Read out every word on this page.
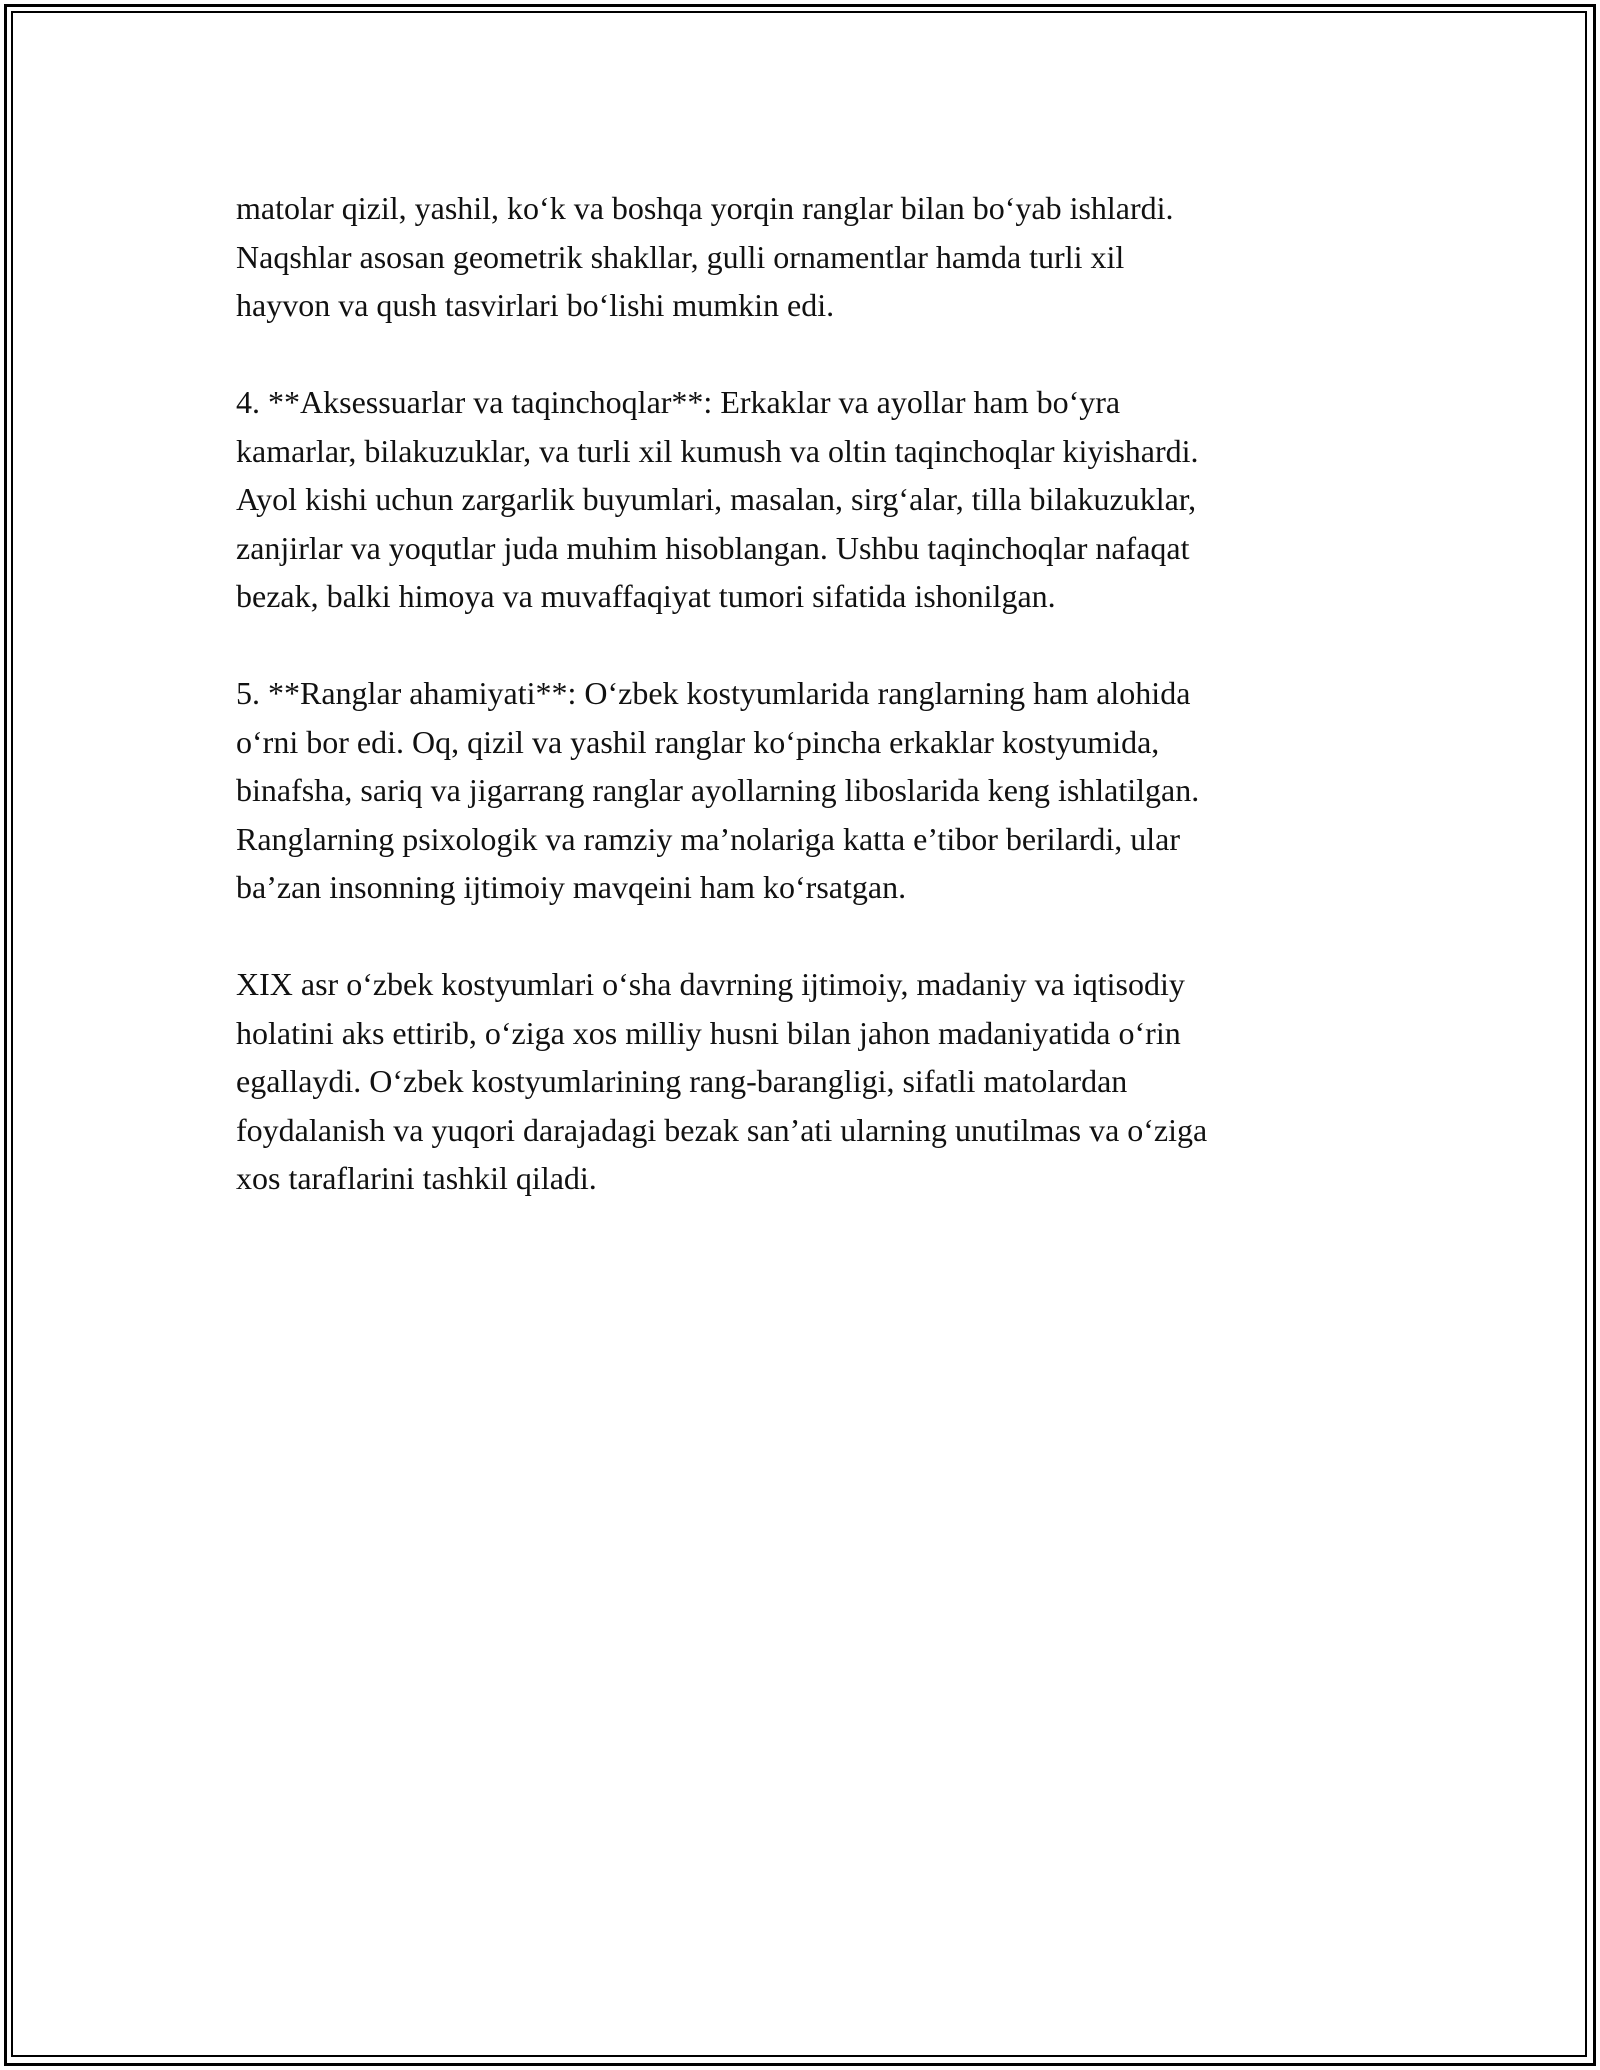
matolar qizil, yashil, ko‘k va boshqa yorqin ranglar bilan bo‘yab ishlardi.
Naqshlar asosan geometrik shakllar, gulli ornamentlar hamda turli xil
hayvon va qush tasvirlari bo‘lishi mumkin edi.

4. **Aksessuarlar va taqinchoqlar**: Erkaklar va ayollar ham bo‘yra
kamarlar, bilakuzuklar, va turli xil kumush va oltin taqinchoqlar kiyishardi.
Ayol kishi uchun zargarlik buyumlari, masalan, sirg‘alar, tilla bilakuzuklar,
zanjirlar va yoqutlar juda muhim hisoblangan. Ushbu taqinchoqlar nafaqat
bezak, balki himoya va muvaffaqiyat tumori sifatida ishonilgan.

5. **Ranglar ahamiyati**: O‘zbek kostyumlarida ranglarning ham alohida
o‘rni bor edi. Oq, qizil va yashil ranglar ko‘pincha erkaklar kostyumida,
binafsha, sariq va jigarrang ranglar ayollarning liboslarida keng ishlatilgan.
Ranglarning psixologik va ramziy ma’nolariga katta e’tibor berilardi, ular
ba’zan insonning ijtimoiy mavqeini ham ko‘rsatgan.

XIX asr o‘zbek kostyumlari o‘sha davrning ijtimoiy, madaniy va iqtisodiy
holatini aks ettirib, o‘ziga xos milliy husni bilan jahon madaniyatida o‘rin
egallaydi. O‘zbek kostyumlarining rang-barangligi, sifatli matolardan
foydalanish va yuqori darajadagi bezak san’ati ularning unutilmas va o‘ziga
xos taraflarini tashkil qiladi.
